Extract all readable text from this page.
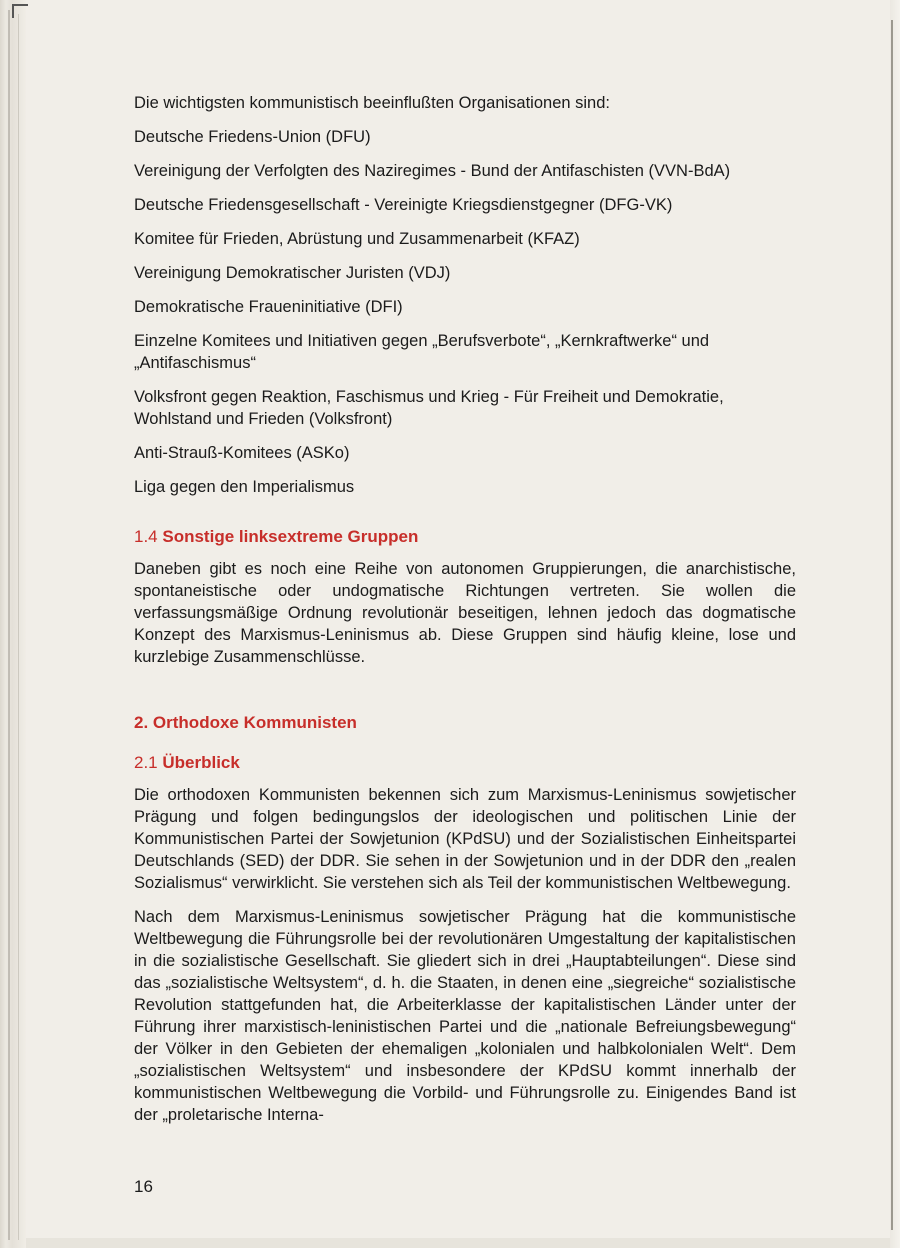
Die wichtigsten kommunistisch beeinflußten Organisationen sind:

Deutsche Friedens-Union (DFU)

Vereinigung der Verfolgten des Naziregimes - Bund der Antifaschisten (VVN-BdA)

Deutsche Friedensgesellschaft - Vereinigte Kriegsdienstgegner (DFG-VK)

Komitee für Frieden, Abrüstung und Zusammenarbeit (KFAZ)

Vereinigung Demokratischer Juristen (VDJ)

Demokratische Fraueninitiative (DFI)

Einzelne Komitees und Initiativen gegen „Berufsverbote“, „Kernkraftwerke“ und „Antifaschismus“

Volksfront gegen Reaktion, Faschismus und Krieg - Für Freiheit und Demokratie, Wohlstand und Frieden (Volksfront)

Anti-Strauß-Komitees (ASKo)

Liga gegen den Imperialismus

1.4 Sonstige linksextreme Gruppen

Daneben gibt es noch eine Reihe von autonomen Gruppierungen, die anarchistische, spontaneistische oder undogmatische Richtungen vertreten. Sie wollen die verfassungsmäßige Ordnung revolutionär beseitigen, lehnen jedoch das dogmatische Konzept des Marxismus-Leninismus ab. Diese Gruppen sind häufig kleine, lose und kurzlebige Zusammenschlüsse.

2. Orthodoxe Kommunisten
2.1 Überblick

Die orthodoxen Kommunisten bekennen sich zum Marxismus-Leninismus sowjetischer Prägung und folgen bedingungslos der ideologischen und politischen Linie der Kommunistischen Partei der Sowjetunion (KPdSU) und der Sozialistischen Einheitspartei Deutschlands (SED) der DDR. Sie sehen in der Sowjetunion und in der DDR den „realen Sozialismus“ verwirklicht. Sie verstehen sich als Teil der kommunistischen Weltbewegung.

Nach dem Marxismus-Leninismus sowjetischer Prägung hat die kommunistische Weltbewegung die Führungsrolle bei der revolutionären Umgestaltung der kapitalistischen in die sozialistische Gesellschaft. Sie gliedert sich in drei „Hauptabteilungen“. Diese sind das „sozialistische Weltsystem“, d. h. die Staaten, in denen eine „siegreiche“ sozialistische Revolution stattgefunden hat, die Arbeiterklasse der kapitalistischen Länder unter der Führung ihrer marxistisch-leninistischen Partei und die „nationale Befreiungsbewegung“ der Völker in den Gebieten der ehemaligen „kolonialen und halbkolonialen Welt“. Dem „sozialistischen Weltsystem“ und insbesondere der KPdSU kommt innerhalb der kommunistischen Weltbewegung die Vorbild- und Führungsrolle zu. Einigendes Band ist der „proletarische Interna-

16
